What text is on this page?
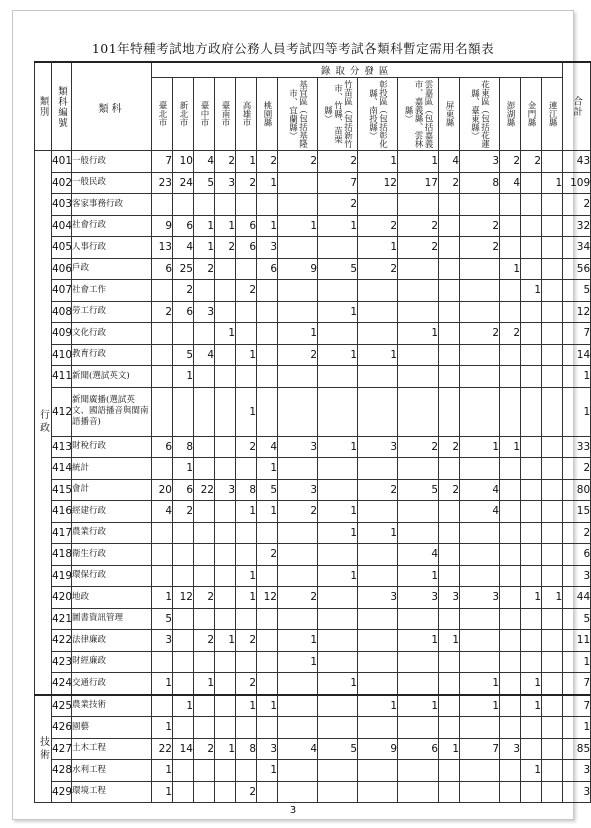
101年特種考試地方政府公務人員考試四等考試各類科暫定需用名額表
類別	類科編號	類科	錄取分發區															合計

			臺北市	新北市	臺中市	臺南市	高雄市	桃園縣	基宜區（包括基隆市、宜蘭縣）	竹苗區（包括新竹市、竹縣、苗栗縣）	彰投區（包括彰化縣、南投縣）	雲嘉區（包括嘉義市、嘉義縣、雲林縣）	屏東縣	花東區（包括花蓮縣、臺東縣）	澎湖縣	金門縣	連江縣	

行政	401	一般行政	7	10	4	2	1	2	2	2	1	1	4	3	2	2		43
	402	一般民政	23	24	5	3	2	1		7	12	17	2	8	4		1	109
	403	客家事務行政								2								2
	404	社會行政	9	6	1	1	6	1	1	1	2	2		2				32
	405	人事行政	13	4	1	2	6	3			1	2		2				34
	406	戶政	6	25	2			6	9	5	2				1			56
	407	社會工作		2			2									1		5
	408	勞工行政	2	6	3					1								12
	409	文化行政				1			1			1		2	2			7
	410	教育行政		5	4		1		2	1	1							14
	411	新聞(選試英文)		1														1
	412	新聞廣播(選試英文、國語播音與閩南語播音)					1											1
	413	財稅行政	6	8			2	4	3	1	3	2	2	1	1			33
	414	統計		1				1										2
	415	會計	20	6	22	3	8	5	3		2	5	2	4				80
	416	經建行政	4	2			1	1	2	1				4				15
	417	農業行政								1	1							2
	418	衛生行政						2				4						6
	419	環保行政					1			1		1						3
	420	地政	1	12	2		1	12	2		3	3	3	3		1	1	44
	421	圖書資訊管理	5															5
	422	法律廉政	3		2	1	2		1			1	1					11
	423	財經廉政							1									1
	424	交通行政	1		1		2			1				1		1		7

技術	425	農業技術		1			1	1			1	1		1		1		7
	426	園藝	1															1
	427	土木工程	22	14	2	1	8	3	4	5	9	6	1	7	3			85
	428	水利工程	1					1								1		3
	429	環境工程	1				2											3
3
